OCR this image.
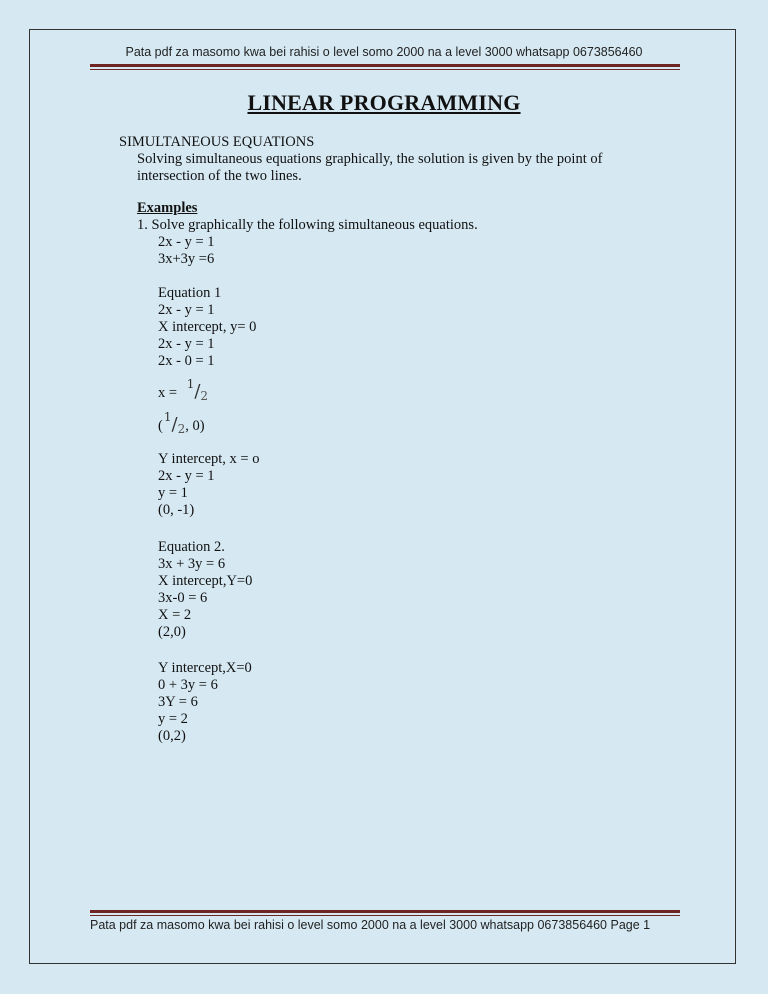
Pata pdf za masomo kwa bei rahisi o level somo 2000 na a level 3000 whatsapp 0673856460
LINEAR PROGRAMMING
SIMULTANEOUS EQUATIONS
Solving simultaneous equations graphically, the solution is given by the point of
intersection of the two lines.
Examples
1. Solve graphically the following simultaneous equations.
2x - y = 1
3x+3y =6
Equation 1
2x - y = 1
X intercept, y= 0
2x - y = 1
2x - 0 = 1
x = 1/2
(1/2, 0)
Y intercept, x = o
2x - y = 1
y = 1
(0, -1)
Equation 2.
3x + 3y = 6
X intercept,Y=0
3x-0 = 6
X = 2
(2,0)
Y intercept,X=0
0 + 3y = 6
3Y = 6
y = 2
(0,2)
Pata pdf za masomo kwa bei rahisi o level somo 2000 na a level 3000 whatsapp 0673856460 Page 1
